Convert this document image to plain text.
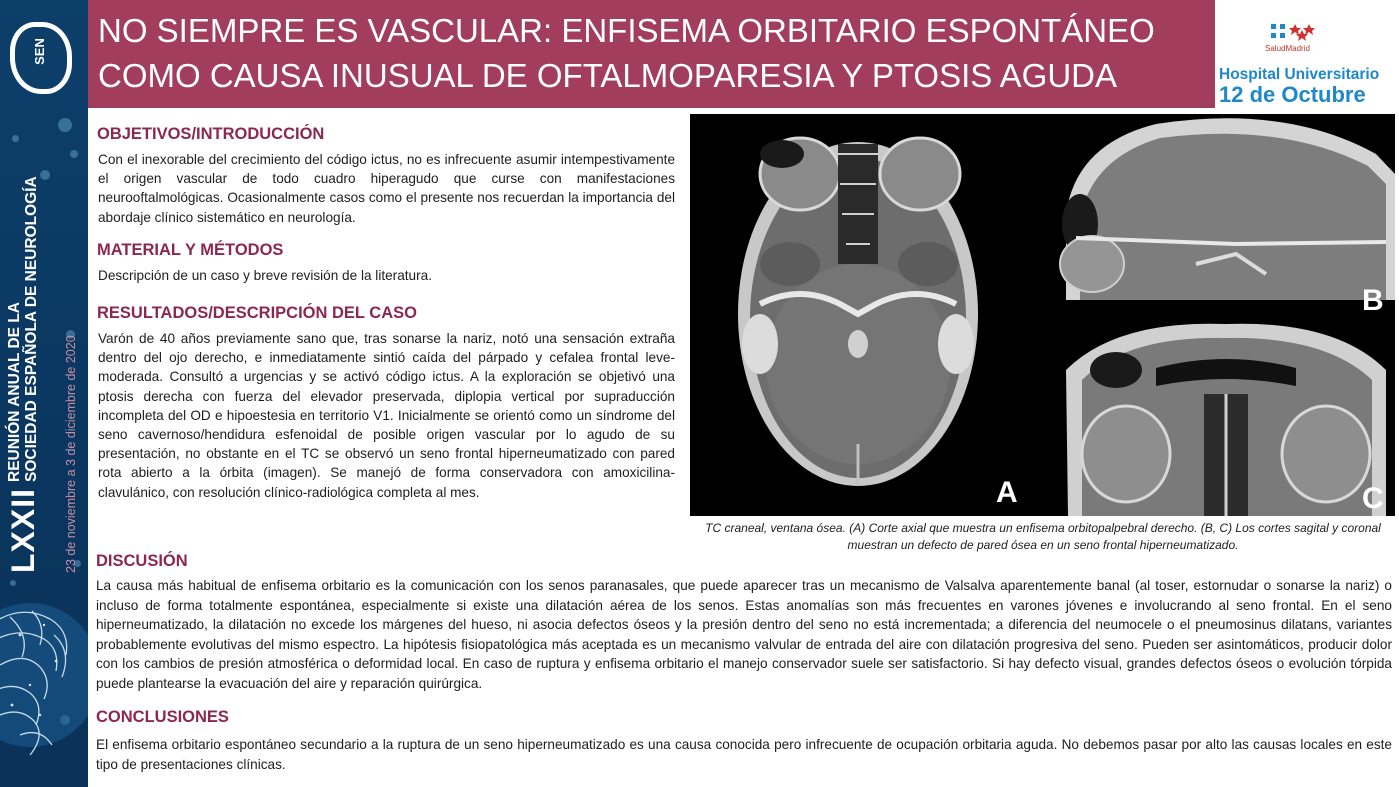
SEN
LXXII
REUNIÓN ANUAL DE LA
SOCIEDAD ESPAÑOLA DE NEUROLOGÍA 23 de noviembre a 3 de diciembre de 2020
NO SIEMPRE ES VASCULAR: ENFISEMA ORBITARIO ESPONTÁNEO
COMO CAUSA INUSUAL DE OFTALMOPARESIA Y PTOSIS AGUDA
SaludMadrid
Hospital Universitario
12 de Octubre
OBJETIVOS/INTRODUCCIÓN
Con el inexorable del crecimiento del código ictus, no es infrecuente asumir intempestivamente el origen vascular de todo cuadro hiperagudo que curse con manifestaciones neurooftalmológicas. Ocasionalmente casos como el presente nos recuerdan la importancia del abordaje clínico sistemático en neurología.
MATERIAL Y MÉTODOS
Descripción de un caso y breve revisión de la literatura.
RESULTADOS/DESCRIPCIÓN DEL CASO
Varón de 40 años previamente sano que, tras sonarse la nariz, notó una sensación extraña dentro del ojo derecho, e inmediatamente sintió caída del párpado y cefalea frontal leve-moderada. Consultó a urgencias y se activó código ictus. A la exploración se objetivó una ptosis derecha con fuerza del elevador preservada, diplopia vertical por supraducción incompleta del OD e hipoestesia en territorio V1. Inicialmente se orientó como un síndrome del seno cavernoso/hendidura esfenoidal de posible origen vascular por lo agudo de su presentación, no obstante en el TC se observó un seno frontal hiperneumatizado con pared rota abierto a la órbita (imagen). Se manejó de forma conservadora con amoxicilina-clavulánico, con resolución clínico-radiológica completa al mes.	A
B
C
TC craneal, ventana ósea. (A) Corte axial que muestra un enfisema orbitopalpebral derecho. (B, C) Los cortes sagital y coronal muestran un defecto de pared ósea en un seno frontal hiperneumatizado.
DISCUSIÓN
La causa más habitual de enfisema orbitario es la comunicación con los senos paranasales, que puede aparecer tras un mecanismo de Valsalva aparentemente banal (al toser, estornudar o sonarse la nariz) o incluso de forma totalmente espontánea, especialmente si existe una dilatación aérea de los senos. Estas anomalías son más frecuentes en varones jóvenes e involucrando al seno frontal. En el seno hiperneumatizado, la dilatación no excede los márgenes del hueso, ni asocia defectos óseos y la presión dentro del seno no está incrementada; a diferencia del neumocele o el pneumosinus dilatans, variantes probablemente evolutivas del mismo espectro. La hipótesis fisiopatológica más aceptada es un mecanismo valvular de entrada del aire con dilatación progresiva del seno. Pueden ser asintomáticos, producir dolor con los cambios de presión atmosférica o deformidad local. En caso de ruptura y enfisema orbitario el manejo conservador suele ser satisfactorio. Si hay defecto visual, grandes defectos óseos o evolución tórpida puede plantearse la evacuación del aire y reparación quirúrgica.
CONCLUSIONES
El enfisema orbitario espontáneo secundario a la ruptura de un seno hiperneumatizado es una causa conocida pero infrecuente de ocupación orbitaria aguda. No debemos pasar por alto las causas locales en este tipo de presentaciones clínicas.
